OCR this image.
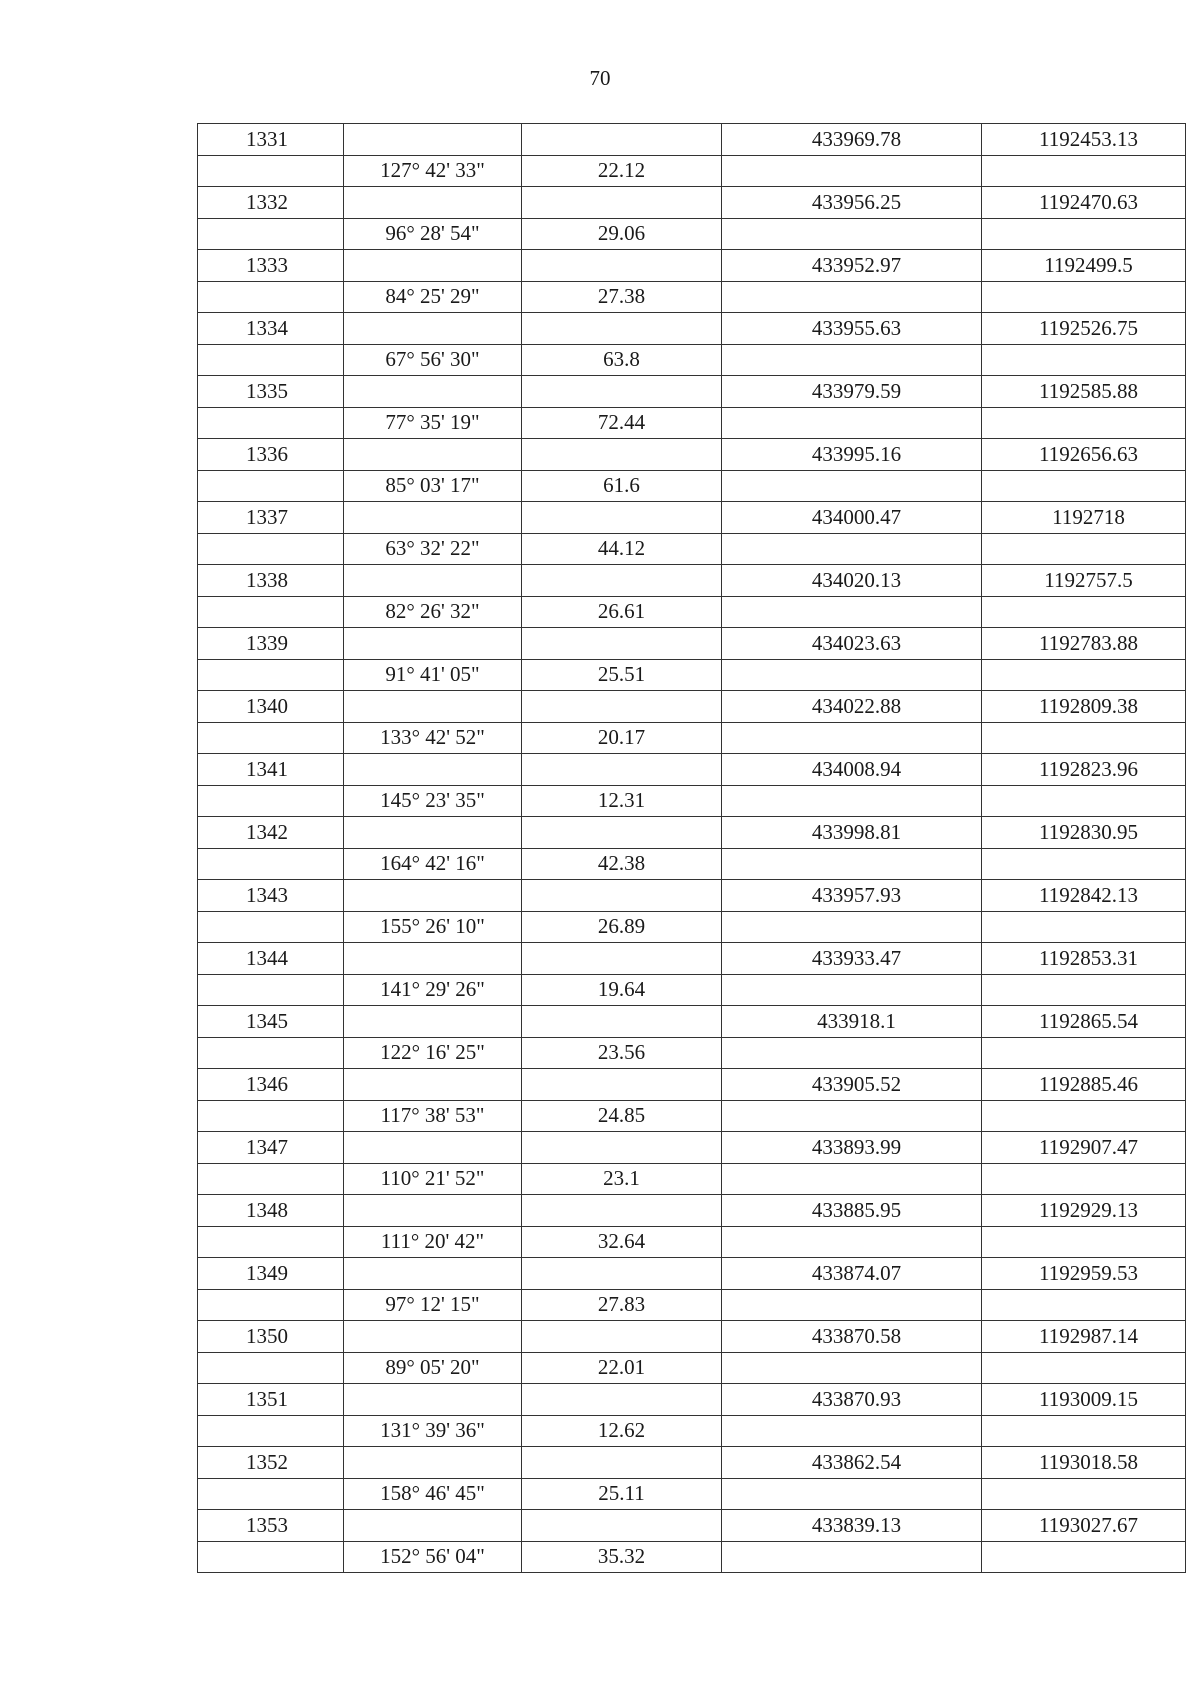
70
1331			433969.78	1192453.13
	127° 42' 33"	22.12		
1332			433956.25	1192470.63
	96° 28' 54"	29.06		
1333			433952.97	1192499.5
	84° 25' 29"	27.38		
1334			433955.63	1192526.75
	67° 56' 30"	63.8		
1335			433979.59	1192585.88
	77° 35' 19"	72.44		
1336			433995.16	1192656.63
	85° 03' 17"	61.6		
1337			434000.47	1192718
	63° 32' 22"	44.12		
1338			434020.13	1192757.5
	82° 26' 32"	26.61		
1339			434023.63	1192783.88
	91° 41' 05"	25.51		
1340			434022.88	1192809.38
	133° 42' 52"	20.17		
1341			434008.94	1192823.96
	145° 23' 35"	12.31		
1342			433998.81	1192830.95
	164° 42' 16"	42.38		
1343			433957.93	1192842.13
	155° 26' 10"	26.89		
1344			433933.47	1192853.31
	141° 29' 26"	19.64		
1345			433918.1	1192865.54
	122° 16' 25"	23.56		
1346			433905.52	1192885.46
	117° 38' 53"	24.85		
1347			433893.99	1192907.47
	110° 21' 52"	23.1		
1348			433885.95	1192929.13
	111° 20' 42"	32.64		
1349			433874.07	1192959.53
	97° 12' 15"	27.83		
1350			433870.58	1192987.14
	89° 05' 20"	22.01		
1351			433870.93	1193009.15
	131° 39' 36"	12.62		
1352			433862.54	1193018.58
	158° 46' 45"	25.11		
1353			433839.13	1193027.67
	152° 56' 04"	35.32		
